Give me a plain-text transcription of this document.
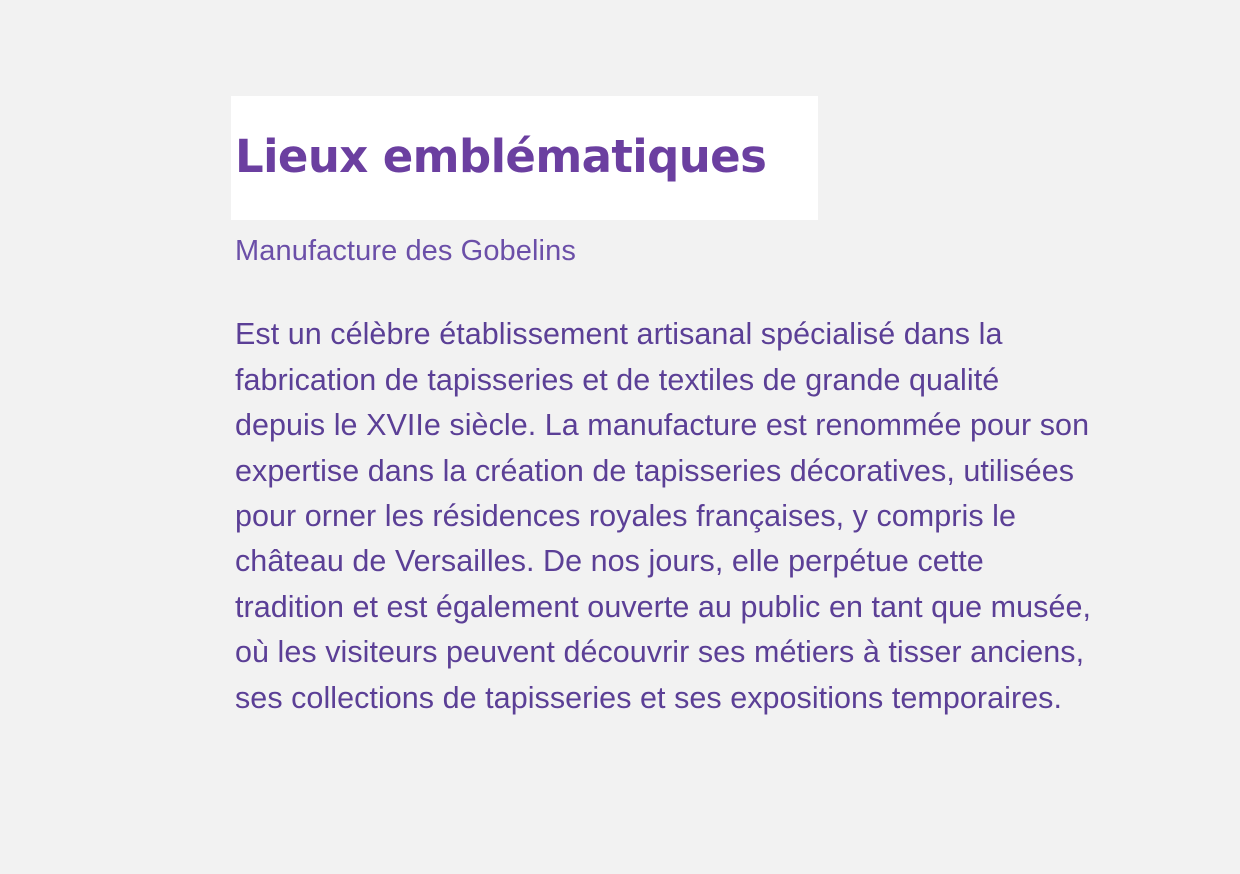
Lieux emblématiques
Manufacture des Gobelins
Est un célèbre établissement artisanal spécialisé dans la fabrication de tapisseries et de textiles de grande qualité depuis le XVIIe siècle. La manufacture est renommée pour son expertise dans la création de tapisseries décoratives, utilisées pour orner les résidences royales françaises, y compris le château de Versailles. De nos jours, elle perpétue cette tradition et est également ouverte au public en tant que musée, où les visiteurs peuvent découvrir ses métiers à tisser anciens, ses collections de tapisseries et ses expositions temporaires.
